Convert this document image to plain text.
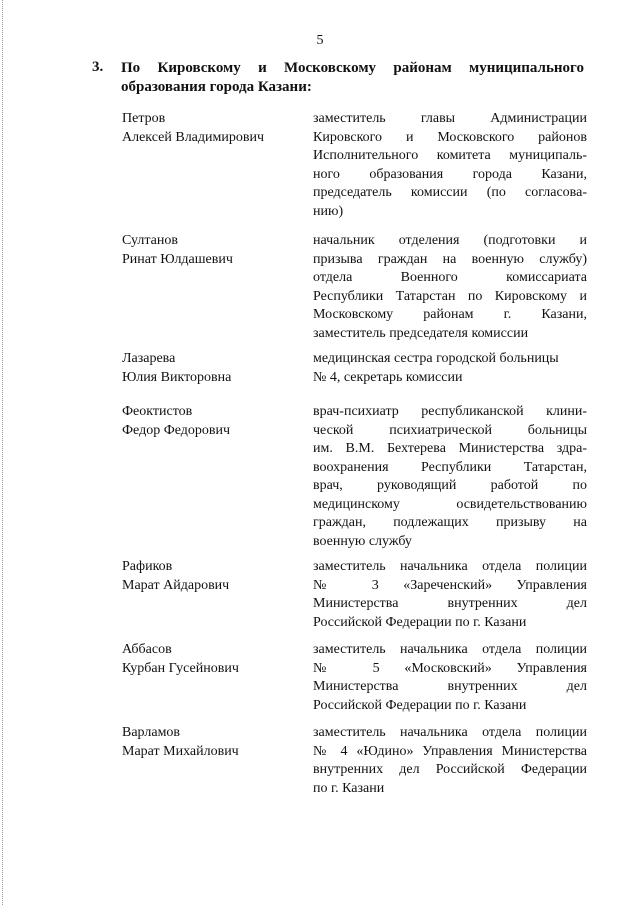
5
3. По Кировскому и Московскому районам муниципального
образования города Казани:
Петров
Алексей Владимирович
заместитель главы Администрации
Кировского и Московского районов
Исполнительного комитета муниципаль-
ного образования города Казани,
председатель комиссии (по согласова-
нию)
Султанов
Ринат Юлдашевич
начальник отделения (подготовки и
призыва граждан на военную службу)
отдела Военного комиссариата
Республики Татарстан по Кировскому и
Московскому районам г. Казани,
заместитель председателя комиссии
Лазарева
Юлия Викторовна
медицинская сестра городской больницы
№ 4, секретарь комиссии
Феоктистов
Федор Федорович
врач-психиатр республиканской клини-
ческой психиатрической больницы
им. В.М. Бехтерева Министерства здра-
воохранения Республики Татарстан,
врач, руководящий работой по
медицинскому освидетельствованию
граждан, подлежащих призыву на
военную службу
Рафиков
Марат Айдарович
заместитель начальника отдела полиции
№ 3 «Зареченский» Управления
Министерства внутренних дел
Российской Федерации по г. Казани
Аббасов
Курбан Гусейнович
заместитель начальника отдела полиции
№ 5 «Московский» Управления
Министерства внутренних дел
Российской Федерации по г. Казани
Варламов
Марат Михайлович
заместитель начальника отдела полиции
№ 4 «Юдино» Управления Министерства
внутренних дел Российской Федерации
по г. Казани
